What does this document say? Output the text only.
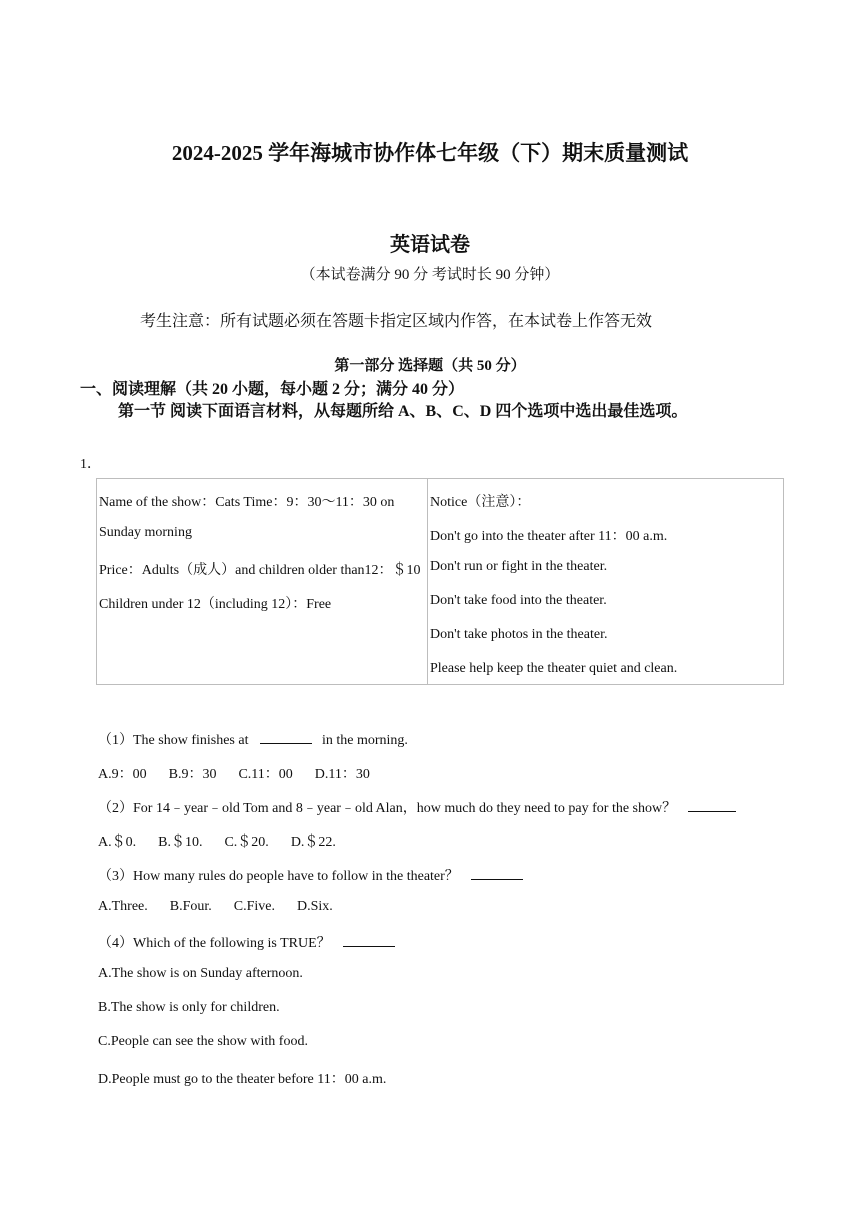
2024-2025 学年海城市协作体七年级（下）期末质量测试
英语试卷
（本试卷满分 90 分 考试时长 90 分钟）
考生注意：所有试题必须在答题卡指定区域内作答，在本试卷上作答无效
第一部分 选择题（共 50 分）
一、阅读理解（共 20 小题，每小题 2 分；满分 40 分）
第一节 阅读下面语言材料，从每题所给 A、B、C、D 四个选项中选出最佳选项。
1．
Name of the show：Cats Time：9：30～11：30 on
Sunday morning
Price：Adults（成人）and children older than12：＄10
Children under 12（including 12）：Free
Notice（注意）：
Don't go into the theater after 11：00 a.m.
Don't run or fight in the theater.
Don't take food into the theater.
Don't take photos in the theater.
Please help keep the theater quiet and clean.
（1）The show finishes at	in the morning.
A.9：00 B.9：30 C.11：00 D.11：30
（2）For 14﹣year﹣old Tom and 8﹣year﹣old Alan，how much do they need to pay for the show？
A.＄0. B.＄10. C.＄20. D.＄22.
（3）How many rules do people have to follow in the theater？
A.Three. B.Four. C.Five. D.Six.
（4）Which of the following is TRUE？
A.The show is on Sunday afternoon.
B.The show is only for children.
C.People can see the show with food.
D.People must go to the theater before 11：00 a.m.
